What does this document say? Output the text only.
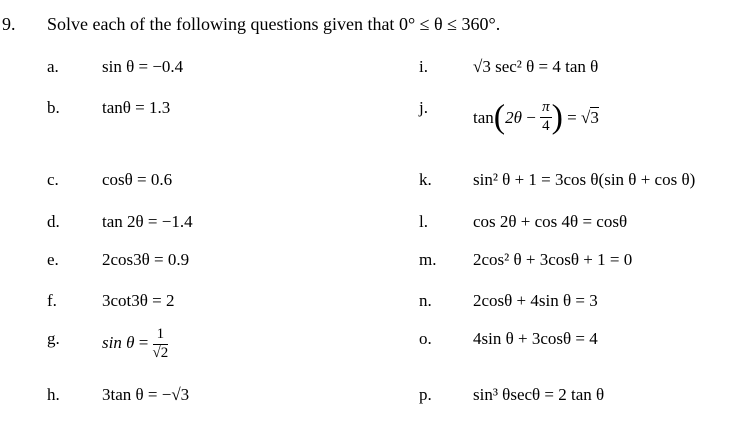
9. Solve each of the following questions given that 0° ≤ θ ≤ 360°.
a.	sin θ = −0.4
b. tanθ = 1.3
c.	cosθ = 0.6
d. tan 2θ = −1.4
e.	2cos3θ = 0.9
f.	3cot3θ = 2
g. $\sin \theta = \frac{1}{√2}$
h. 3tan θ = −√3
i.	√3 sec² θ = 4 tan θ
j.
$\tan(2\theta - \frac{\pi}{4}$ ) = √3
k. sin² θ + 1 = 3cos θ(sin θ + cos θ)
l.	cos 2θ + cos 4θ = cosθ
m. 2cos² θ + 3cosθ + 1 = 0
n. 2cosθ + 4sin θ = 3
o. 4sin θ + 3cosθ = 4
p. sin³ θsecθ = 2 tan θ
